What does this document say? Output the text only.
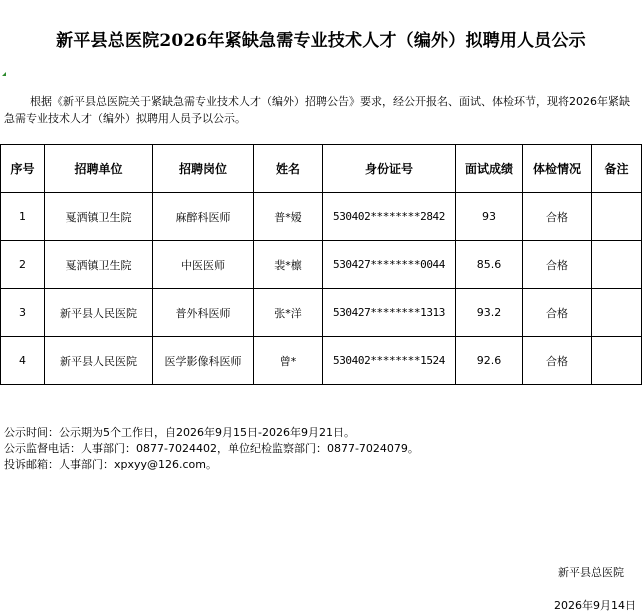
新平县总医院2026年紧缺急需专业技术人才（编外）拟聘用人员公示
根据《新平县总医院关于紧缺急需专业技术人才（编外）招聘公告》要求，经公开报名、面试、体检环节，现将2026年紧缺急需专业技术人才（编外）拟聘用人员予以公示。
序号	招聘单位	招聘岗位	姓名	身份证号	面试成绩	体检情况	备注
1	戛洒镇卫生院	麻醉科医师	普*嫒	530402********2842	93	合格	
2	戛洒镇卫生院	中医医师	裴*檩	530427********0044	85.6	合格	
3	新平县人民医院	普外科医师	张*洋	530427********1313	93.2	合格	
4	新平县人民医院	医学影像科医师	曾*	530402********1524	92.6	合格	
公示时间：公示期为5个工作日，自2026年9月15日-2026年9月21日。
公示监督电话：人事部门：0877-7024402，单位纪检监察部门：0877-7024079。
投诉邮箱：人事部门：xpxyy@126.com。
新平县总医院
2026年9月14日
